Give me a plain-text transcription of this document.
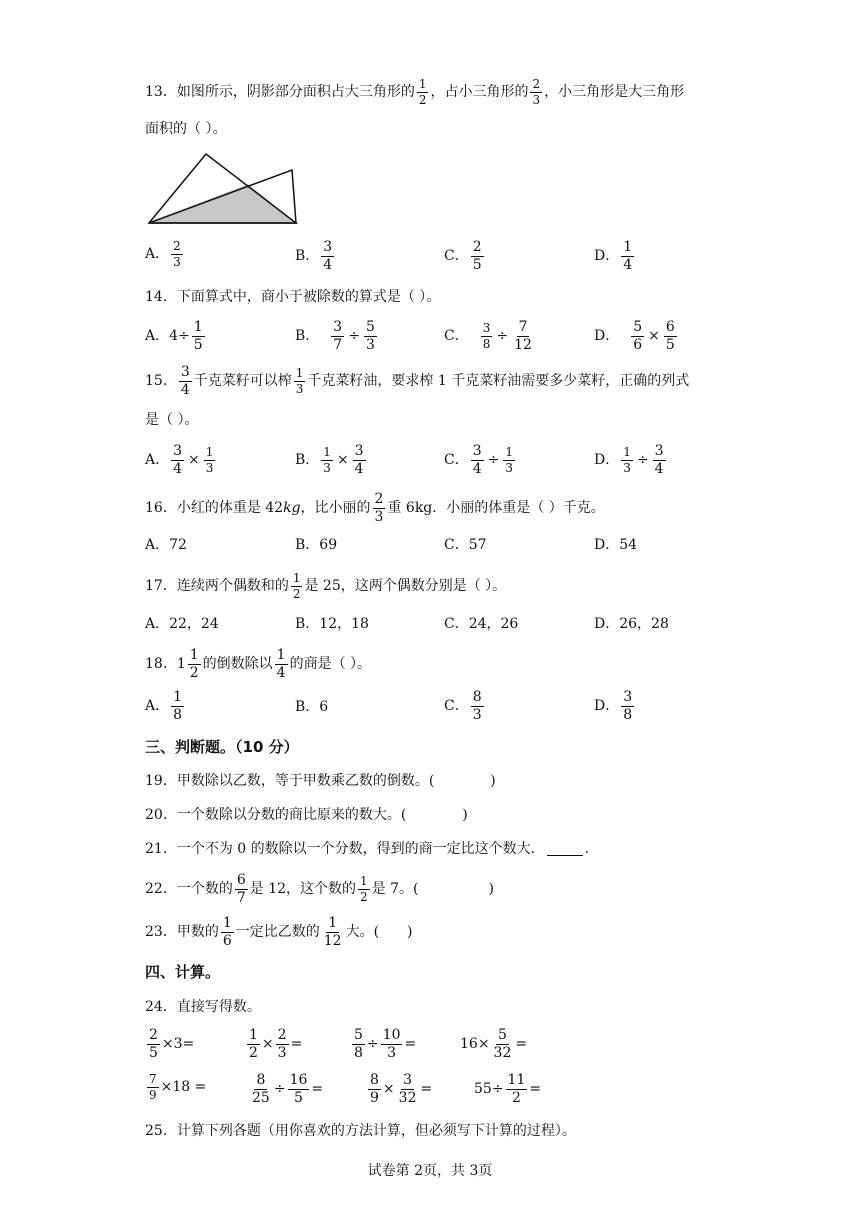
13．如图所示，阴影部分面积占大三角形的 $\frac{1}{2}$ ，占小三角形的 $\frac{2}{3}$ ，小三角形是大三角形
面积的（ ）。
A． $\frac{2}{3}$	B． $\frac{3}{4}$	C． $\frac{2}{5}$	D． $\frac{1}{4}$
14．下面算式中，商小于被除数的算式是（ ）。
A． $4\div \frac{1}{5}$	B． $\frac{3}{7} \div \frac{5}{3}$	C． $\frac{3}{8} \div \frac{7}{12}$	D． $\frac{5}{6} \times \frac{6}{5}$
15． $\frac{3}{4}$ 千克菜籽可以榨 $\frac{1}{3}$ 千克菜籽油，要求榨 1 千克菜籽油需要多少菜籽，正确的列式
是（ ）。
A． $\frac{3}{4} \times \frac{1}{3}$	B． $\frac{1}{3} \times \frac{3}{4}$	C． $\frac{3}{4} \div \frac{1}{3}$	D． $\frac{1}{3} \div \frac{3}{4}$
16．小红的体重是 42 kg ，比小丽的 $\frac{2}{3}$ 重 6kg．小丽的体重是（ ）千克。
A．72	B．69	C．57	D．54
17．连续两个偶数和的 $\frac{1}{2}$ 是 25，这两个偶数分别是（ ）。
A．22，24	B．12，18	C．24，26	D．26，28
18． $1 \frac{1}{2}$ 的倒数除以 $\frac{1}{4}$ 的商是（ ）。
A． $\frac{1}{8}$	B． 6	C． $\frac{8}{3}$	D． $\frac{3}{8}$
三、判断题。（10 分）
19．甲数除以乙数，等于甲数乘乙数的倒数。(　　　　)
20．一个数除以分数的商比原来的数大。(　　　　)
21．一个不为 0 的数除以一个分数，得到的商一定比这个数大．	.
22．一个数的 $\frac{6}{7}$ 是 12，这个数的 $\frac{1}{2}$ 是 7。(　　　　　)
23．甲数的 $\frac{1}{6}$ 一定比乙数的 $\frac{1}{12}$ 大。(　　)
四、计算。
24．直接写得数。
$\frac{2}{5} \times 3=$	$\frac{1}{2} \times \frac{2}{3}$ =	$\frac{5}{8} \div \frac{10}{3}$ =	$16\times \frac{5}{32}$ =
$\frac{7}{9} \times 18$ =	$\frac{8}{25} \div \frac{16}{5}$ =	$\frac{8}{9} \times \frac{3}{32}$ =	$55\div \frac{11}{2}$ =
25．计算下列各题（用你喜欢的方法计算，但必须写下计算的过程）。
试卷第 2页，共 3页
